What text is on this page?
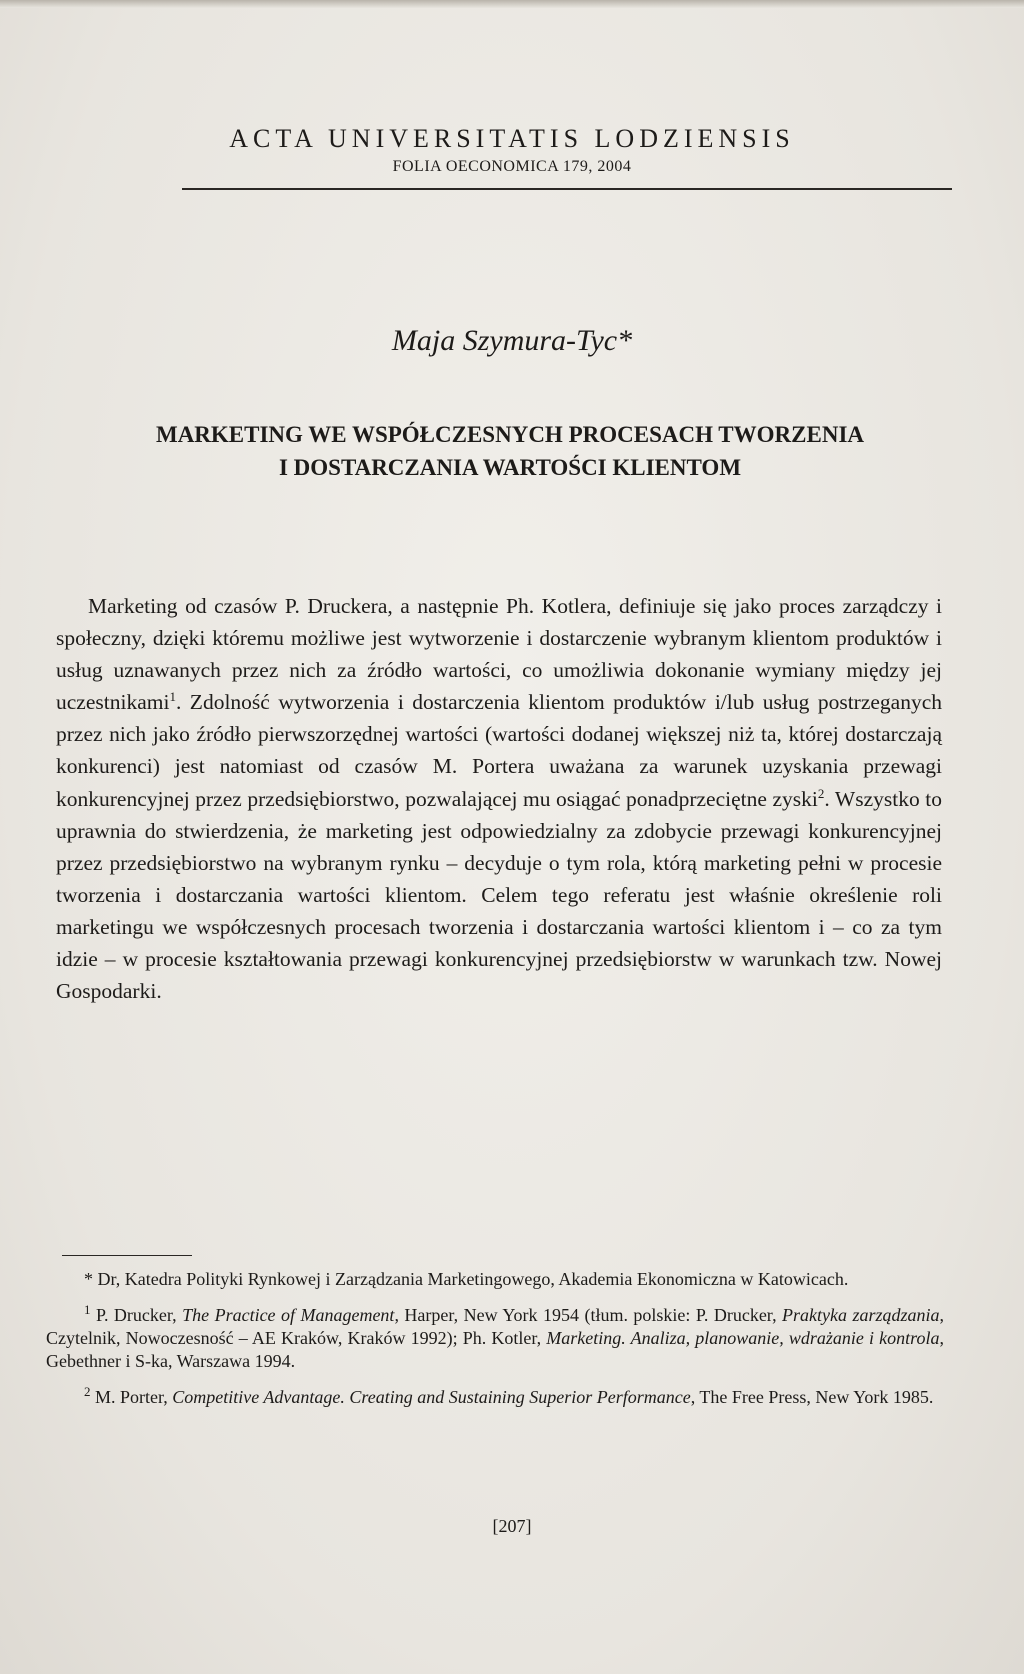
ACTA UNIVERSITATIS LODZIENSIS

FOLIA OECONOMICA 179, 2004

Maja Szymura-Tyc*

MARKETING WE WSPÓŁCZESNYCH PROCESACH TWORZENIA
I DOSTARCZANIA WARTOŚCI KLIENTOM

Marketing od czasów P. Druckera, a następnie Ph. Kotlera, definiuje się jako proces zarządczy i społeczny, dzięki któremu możliwe jest wytworzenie i dostarczenie wybranym klientom produktów i usług uznawanych przez nich za źródło wartości, co umożliwia dokonanie wymiany między jej uczestnikami$^1$. Zdolność wytworzenia i dostarczenia klientom produktów i/lub usług postrzeganych przez nich jako źródło pierwszorzędnej wartości (wartości dodanej większej niż ta, której dostarczają konkurenci) jest natomiast od czasów M. Portera uważana za warunek uzyskania przewagi konkurencyjnej przez przedsiębiorstwo, pozwalającej mu osiągać ponadprzeciętne zyski$^2$. Wszystko to uprawnia do stwierdzenia, że marketing jest odpowiedzialny za zdobycie przewagi konkurencyjnej przez przedsiębiorstwo na wybranym rynku – decyduje o tym rola, którą marketing pełni w procesie tworzenia i dostarczania wartości klientom. Celem tego referatu jest właśnie określenie roli marketingu we współczesnych procesach tworzenia i dostarczania wartości klientom i – co za tym idzie – w procesie kształtowania przewagi konkurencyjnej przedsiębiorstw w warunkach tzw. Nowej Gospodarki.

* Dr, Katedra Polityki Rynkowej i Zarządzania Marketingowego, Akademia Ekonomiczna w Katowicach.

$^1$ P. Drucker, The Practice of Management, Harper, New York 1954 (tłum. polskie: P. Drucker, Praktyka zarządzania, Czytelnik, Nowoczesność – AE Kraków, Kraków 1992); Ph. Kotler, Marketing. Analiza, planowanie, wdrażanie i kontrola, Gebethner i S-ka, Warszawa 1994.

$^2$ M. Porter, Competitive Advantage. Creating and Sustaining Superior Performance, The Free Press, New York 1985.

[207]
